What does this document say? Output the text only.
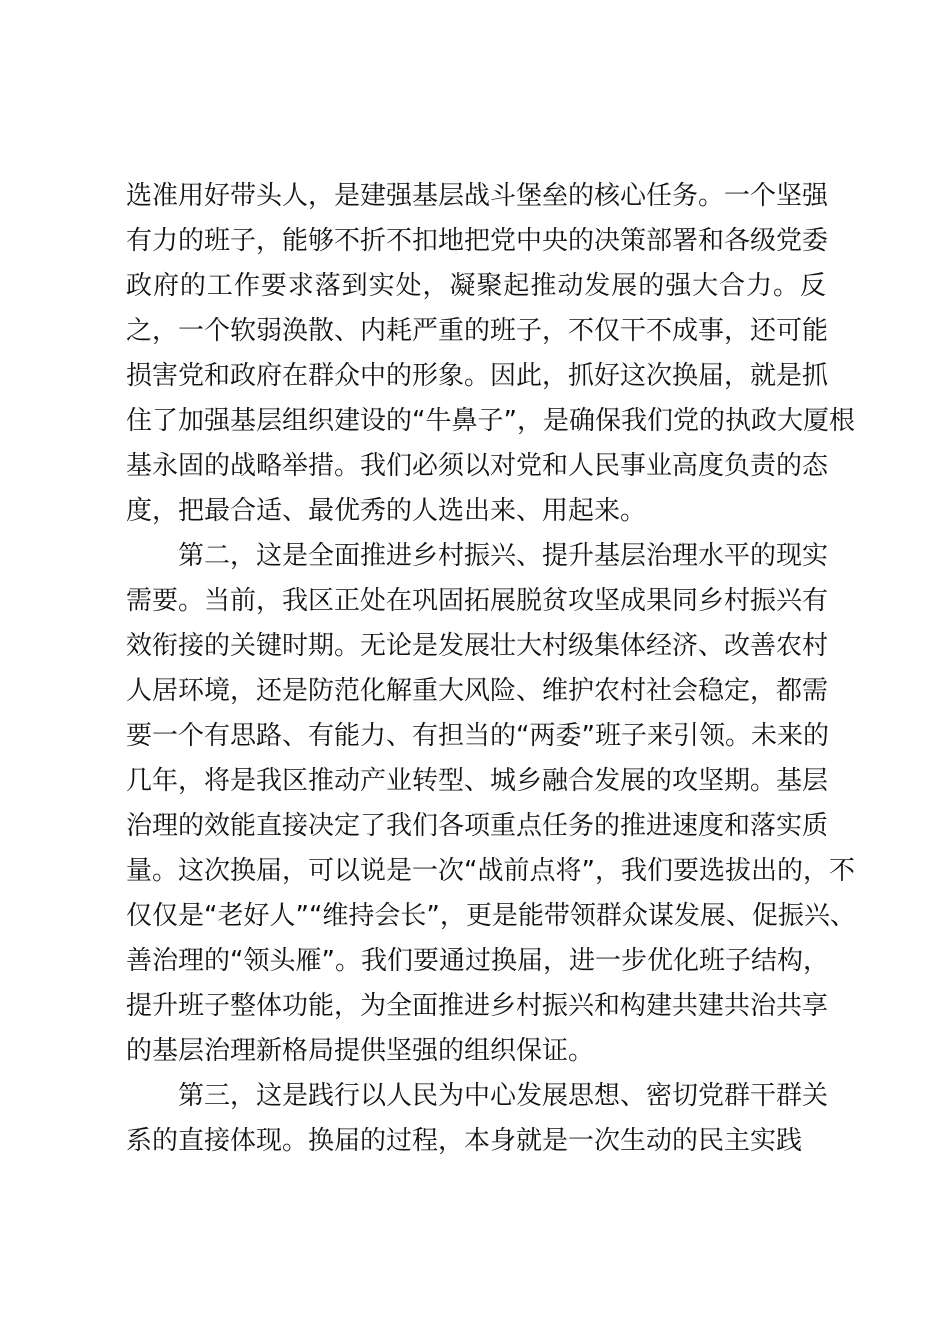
选准用好带头人，是建强基层战斗堡垒的核心任务。一个坚强
有力的班子，能够不折不扣地把党中央的决策部署和各级党委
政府的工作要求落到实处，凝聚起推动发展的强大合力。反
之，一个软弱涣散、内耗严重的班子，不仅干不成事，还可能
损害党和政府在群众中的形象。因此，抓好这次换届，就是抓
住了加强基层组织建设的“牛鼻子”，是确保我们党的执政大厦根
基永固的战略举措。我们必须以对党和人民事业高度负责的态
度，把最合适、最优秀的人选出来、用起来。
第二，这是全面推进乡村振兴、提升基层治理水平的现实
需要。当前，我区正处在巩固拓展脱贫攻坚成果同乡村振兴有
效衔接的关键时期。无论是发展壮大村级集体经济、改善农村
人居环境，还是防范化解重大风险、维护农村社会稳定，都需
要一个有思路、有能力、有担当的“两委”班子来引领。未来的
几年，将是我区推动产业转型、城乡融合发展的攻坚期。基层
治理的效能直接决定了我们各项重点任务的推进速度和落实质
量。这次换届，可以说是一次“战前点将”，我们要选拔出的，不
仅仅是“老好人”“维持会长”，更是能带领群众谋发展、促振兴、
善治理的“领头雁”。我们要通过换届，进一步优化班子结构，
提升班子整体功能，为全面推进乡村振兴和构建共建共治共享
的基层治理新格局提供坚强的组织保证。
第三，这是践行以人民为中心发展思想、密切党群干群关
系的直接体现。换届的过程，本身就是一次生动的民主实践
